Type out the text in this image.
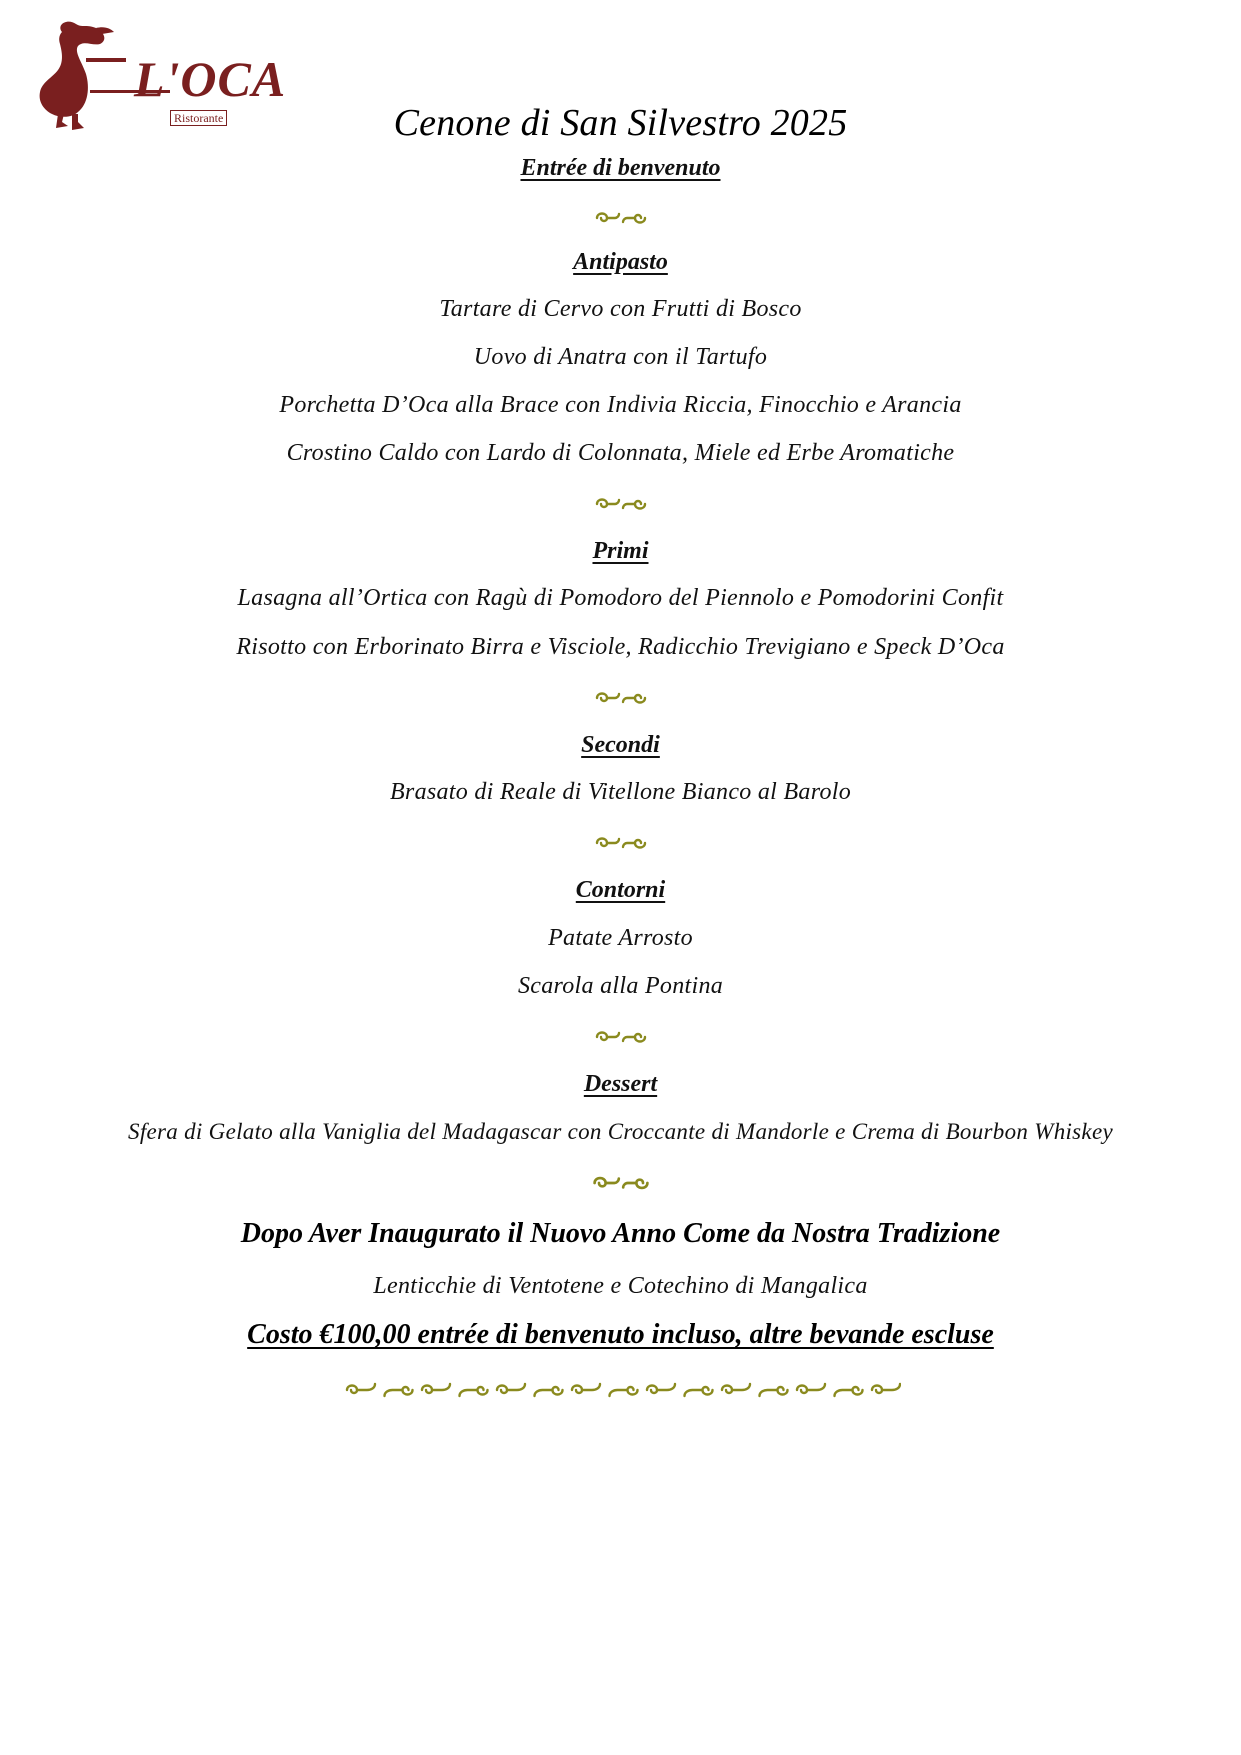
L'OCA
Ristorante	Cenone di San Silvestro 2025
Entrée di benvenuto
Antipasto
Tartare di Cervo con Frutti di Bosco
Uovo di Anatra con il Tartufo
Porchetta D’Oca alla Brace con Indivia Riccia, Finocchio e Arancia
Crostino Caldo con Lardo di Colonnata, Miele ed Erbe Aromatiche
Primi
Lasagna all’Ortica con Ragù di Pomodoro del Piennolo e Pomodorini Confit
Risotto con Erborinato Birra e Visciole, Radicchio Trevigiano e Speck D’Oca
Secondi
Brasato di Reale di Vitellone Bianco al Barolo
Contorni
Patate Arrosto
Scarola alla Pontina
Dessert
Sfera di Gelato alla Vaniglia del Madagascar con Croccante di Mandorle e Crema di Bourbon Whiskey
Dopo Aver Inaugurato il Nuovo Anno Come da Nostra Tradizione
Lenticchie di Ventotene e Cotechino di Mangalica
Costo €100,00 entrée di benvenuto incluso, altre bevande escluse
